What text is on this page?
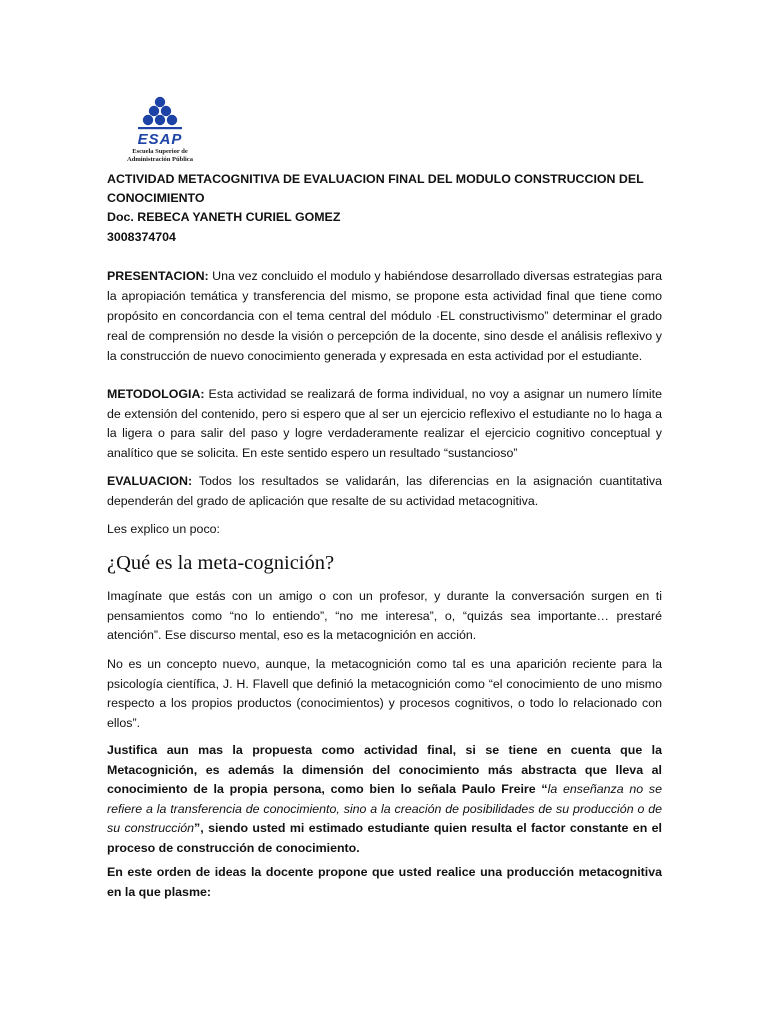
ESAP
Escuela Superior de
Administración Pública
ACTIVIDAD METACOGNITIVA DE EVALUACION FINAL DEL MODULO CONSTRUCCION DEL
CONOCIMIENTO
Doc. REBECA YANETH CURIEL GOMEZ
3008374704

PRESENTACION: Una vez concluido el modulo y habiéndose desarrollado diversas estrategias para la apropiación temática y transferencia del mismo, se propone esta actividad final que tiene como propósito en concordancia con el tema central del módulo ·EL constructivismo” determinar el grado real de comprensión no desde la visión o percepción de la docente, sino desde el análisis reflexivo y la construcción de nuevo conocimiento generada y expresada en esta actividad por el estudiante.

METODOLOGIA: Esta actividad se realizará de forma individual, no voy a asignar un numero límite de extensión del contenido, pero si espero que al ser un ejercicio reflexivo el estudiante no lo haga a la ligera o para salir del paso y logre verdaderamente realizar el ejercicio cognitivo conceptual y analítico que se solicita. En este sentido espero un resultado “sustancioso”

EVALUACION: Todos los resultados se validarán, las diferencias en la asignación cuantitativa dependerán del grado de aplicación que resalte de su actividad metacognitiva.

Les explico un poco:

¿Qué es la meta-cognición?

Imagínate que estás con un amigo o con un profesor, y durante la conversación surgen en ti pensamientos como “no lo entiendo”, “no me interesa”, o, “quizás sea importante… prestaré atención”. Ese discurso mental, eso es la metacognición en acción.

No es un concepto nuevo, aunque, la metacognición como tal es una aparición reciente para la psicología científica, J. H. Flavell que definió la metacognición como “el conocimiento de uno mismo respecto a los propios productos (conocimientos) y procesos cognitivos, o todo lo relacionado con ellos”.

Justifica aun mas la propuesta como actividad final, si se tiene en cuenta que la Metacognición, es además la dimensión del conocimiento más abstracta que lleva al conocimiento de la propia persona, como bien lo señala Paulo Freire “la enseñanza no se refiere a la transferencia de conocimiento, sino a la creación de posibilidades de su producción o de su construcción”, siendo usted mi estimado estudiante quien resulta el factor constante en el proceso de construcción de conocimiento.

En este orden de ideas la docente propone que usted realice una producción metacognitiva en la que plasme:
